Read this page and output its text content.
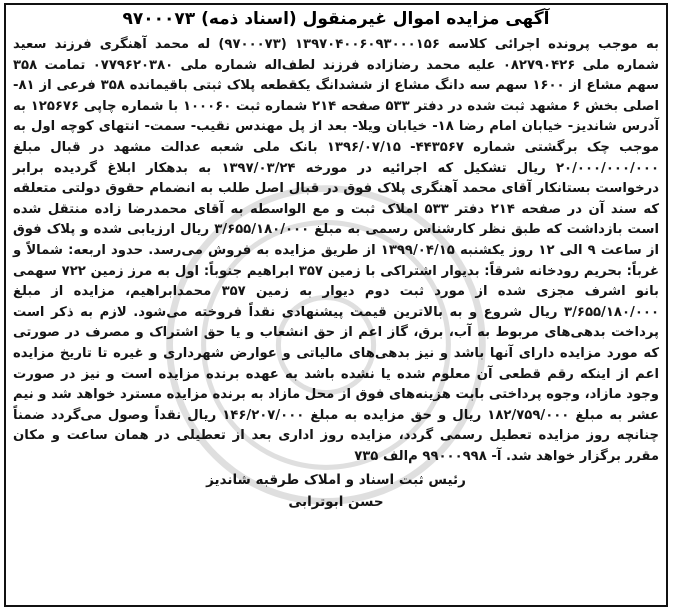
آگهی مزایده اموال غیرمنقول (اسناد ذمه) ۹۷۰۰۰۷۳
به موجب پرونده اجرائی کلاسه ۱۳۹۷۰۴۰۰۶۰۹۳۰۰۰۱۵۶ (۹۷۰۰۰۷۳) له محمد آهنگری فرزند سعید شماره ملی ۰۸۲۷۹۰۴۲۶ علیه محمد رضازاده فرزند لطف‌اله شماره ملی ۰۷۷۹۶۲۰۳۸۰ تمامت ۳۵۸ سهم مشاع از ۱۶۰۰ سهم سه دانگ مشاع از ششدانگ یکقطعه پلاک ثبتی باقیمانده ۳۵۸ فرعی از ۸۱- اصلی بخش ۶ مشهد ثبت شده در دفتر ۵۳۳ صفحه ۲۱۴ شماره ثبت ۱۰۰۰۶۰ با شماره چاپی ۱۲۵۶۷۶ به آدرس شاندیز- خیابان امام رضا ۱۸- خیابان ویلا- بعد از پل مهندس نقیب- سمت- انتهای کوچه اول به موجب چک برگشتی شماره ۴۴۳۵۶۷- ۱۳۹۶/۰۷/۱۵ بانک ملی شعبه عدالت مشهد در قبال مبلغ ۲۰/۰۰۰/۰۰۰/۰۰۰ ریال تشکیل که اجرائیه در مورخه ۱۳۹۷/۰۳/۲۴ به بدهکار ابلاغ گردیده برابر درخواست بستانکار آقای محمد آهنگری پلاک فوق در قبال اصل طلب به انضمام حقوق دولتی متعلقه که سند آن در صفحه ۲۱۴ دفتر ۵۳۳ املاک ثبت و مع الواسطه به آقای محمدرضا زاده منتقل شده است بازداشت که طبق نظر کارشناس رسمی به مبلغ ۳/۶۵۵/۱۸۰/۰۰۰ ریال ارزیابی شده و پلاک فوق از ساعت ۹ الی ۱۲ روز یکشنبه ۱۳۹۹/۰۴/۱۵ از طریق مزایده به فروش می‌رسد. حدود اربعه: شمالاً و غرباً: بحریم رودخانه شرقاً: بدیوار اشتراکی با زمین ۳۵۷ ابراهیم جنوباً: اول به مرز زمین ۷۲۲ سهمی بانو اشرف مجزی شده از مورد ثبت دوم دیوار به زمین ۳۵۷ محمدابراهیم، مزایده از مبلغ ۳/۶۵۵/۱۸۰/۰۰۰ ریال شروع و به بالاترین قیمت پیشنهادی نقداً فروخته می‌شود. لازم به ذکر است پرداخت بدهی‌های مربوط به آب، برق، گاز اعم از حق انشعاب و یا حق اشتراک و مصرف در صورتی که مورد مزایده دارای آنها باشد و نیز بدهی‌های مالیاتی و عوارض شهرداری و غیره تا تاریخ مزایده اعم از اینکه رقم قطعی آن معلوم شده یا نشده باشد به عهده برنده مزایده است و نیز در صورت وجود مازاد، وجوه پرداختی بابت هزینه‌های فوق از محل مازاد به برنده مزایده مسترد خواهد شد و نیم عشر به مبلغ ۱۸۲/۷۵۹/۰۰۰ ریال و حق مزایده به مبلغ ۱۴۶/۲۰۷/۰۰۰ ریال نقداً وصول می‌گردد ضمناً چنانچه روز مزایده تعطیل رسمی گردد، مزایده روز اداری بعد از تعطیلی در همان ساعت و مکان مقرر برگزار خواهد شد. آ- ۹۹۰۰۰۹۹۸ م‌الف ۷۳۵
رئیس ثبت اسناد و املاک طرقبه شاندیز
حسن ابوترابی
